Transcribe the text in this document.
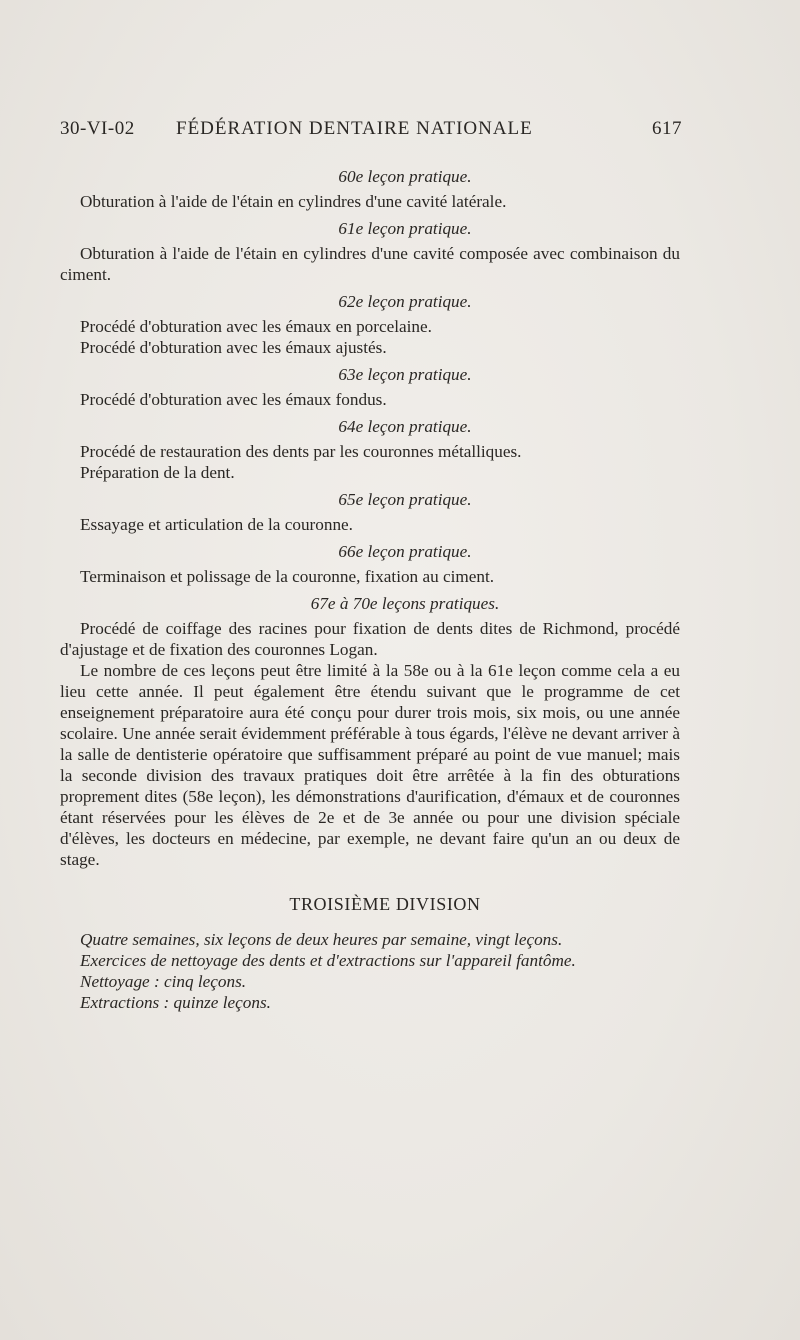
30-VI-02 FÉDÉRATION DENTAIRE NATIONALE	617
60e leçon pratique.

Obturation à l'aide de l'étain en cylindres d'une cavité latérale.

61e leçon pratique.

Obturation à l'aide de l'étain en cylindres d'une cavité composée avec combinaison du ciment.

62e leçon pratique.

Procédé d'obturation avec les émaux en porcelaine.

Procédé d'obturation avec les émaux ajustés.

63e leçon pratique.

Procédé d'obturation avec les émaux fondus.

64e leçon pratique.

Procédé de restauration des dents par les couronnes métalliques.

Préparation de la dent.

65e leçon pratique.

Essayage et articulation de la couronne.

66e leçon pratique.

Terminaison et polissage de la couronne, fixation au ciment.

67e à 70e leçons pratiques.

Procédé de coiffage des racines pour fixation de dents dites de Richmond, procédé d'ajustage et de fixation des couronnes Logan.

Le nombre de ces leçons peut être limité à la 58e ou à la 61e leçon comme cela a eu lieu cette année. Il peut également être étendu suivant que le programme de cet enseignement préparatoire aura été conçu pour durer trois mois, six mois, ou une année scolaire. Une année serait évidemment préférable à tous égards, l'élève ne devant arriver à la salle de dentisterie opératoire que suffisamment préparé au point de vue manuel; mais la seconde division des travaux pratiques doit être arrêtée à la fin des obturations proprement dites (58e leçon), les démonstrations d'aurification, d'émaux et de couronnes étant réservées pour les élèves de 2e et de 3e année ou pour une division spéciale d'élèves, les docteurs en médecine, par exemple, ne devant faire qu'un an ou deux de stage.

TROISIÈME DIVISION

Quatre semaines, six leçons de deux heures par semaine, vingt leçons.

Exercices de nettoyage des dents et d'extractions sur l'appareil fantôme.

Nettoyage : cinq leçons.

Extractions : quinze leçons.
